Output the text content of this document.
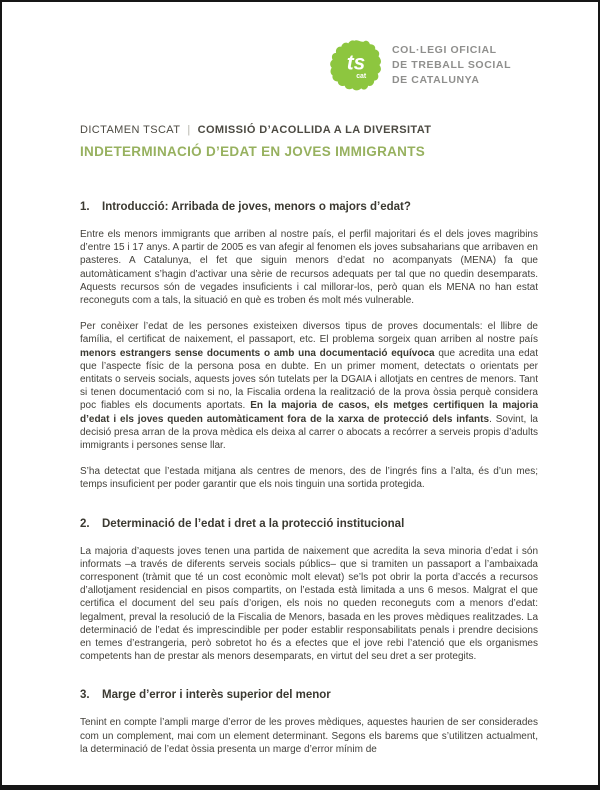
ts
cat
COL·LEGI OFICIAL
DE TREBALL SOCIAL
DE CATALUNYA
DICTAMEN TSCAT | COMISSIÓ D’ACOLLIDA A LA DIVERSITAT
INDETERMINACIÓ D’EDAT EN JOVES IMMIGRANTS
1. Introducció: Arribada de joves, menors o majors d’edat?

Entre els menors immigrants que arriben al nostre país, el perfil majoritari és el dels joves magribins d’entre 15 i 17 anys. A partir de 2005 es van afegir al fenomen els joves subsaharians que arribaven en pasteres. A Catalunya, el fet que siguin menors d’edat no acompanyats (MENA) fa que automàticament s’hagin d’activar una sèrie de recursos adequats per tal que no quedin desemparats. Aquests recursos són de vegades insuficients i cal millorar-los, però quan els MENA no han estat reconeguts com a tals, la situació en què es troben és molt més vulnerable.

Per conèixer l’edat de les persones existeixen diversos tipus de proves documentals: el llibre de família, el certificat de naixement, el passaport, etc. El problema sorgeix quan arriben al nostre país menors estrangers sense documents o amb una documentació equívoca que acredita una edat que l’aspecte físic de la persona posa en dubte. En un primer moment, detectats o orientats per entitats o serveis socials, aquests joves són tutelats per la DGAIA i allotjats en centres de menors. Tant si tenen documentació com si no, la Fiscalia ordena la realització de la prova òssia perquè considera poc fiables els documents aportats. En la majoria de casos, els metges certifiquen la majoria d’edat i els joves queden automàticament fora de la xarxa de protecció dels infants. Sovint, la decisió presa arran de la prova mèdica els deixa al carrer o abocats a recórrer a serveis propis d’adults immigrants i persones sense llar.

S’ha detectat que l’estada mitjana als centres de menors, des de l’ingrés fins a l’alta, és d’un mes; temps insuficient per poder garantir que els nois tinguin una sortida protegida.

2. Determinació de l’edat i dret a la protecció institucional

La majoria d’aquests joves tenen una partida de naixement que acredita la seva minoria d’edat i són informats –a través de diferents serveis socials públics– que si tramiten un passaport a l’ambaixada corresponent (tràmit que té un cost econòmic molt elevat) se’ls pot obrir la porta d’accés a recursos d’allotjament residencial en pisos compartits, on l’estada està limitada a uns 6 mesos. Malgrat el que certifica el document del seu país d’origen, els nois no queden reconeguts com a menors d’edat: legalment, preval la resolució de la Fiscalia de Menors, basada en les proves mèdiques realitzades. La determinació de l’edat és imprescindible per poder establir responsabilitats penals i prendre decisions en temes d’estrangeria, però sobretot ho és a efectes que el jove rebi l’atenció que els organismes competents han de prestar als menors desemparats, en virtut del seu dret a ser protegits.

3. Marge d’error i interès superior del menor

Tenint en compte l’ampli marge d’error de les proves mèdiques, aquestes haurien de ser considerades com un complement, mai com un element determinant. Segons els barems que s’utilitzen actualment, la determinació de l’edat òssia presenta un marge d’error mínim de
